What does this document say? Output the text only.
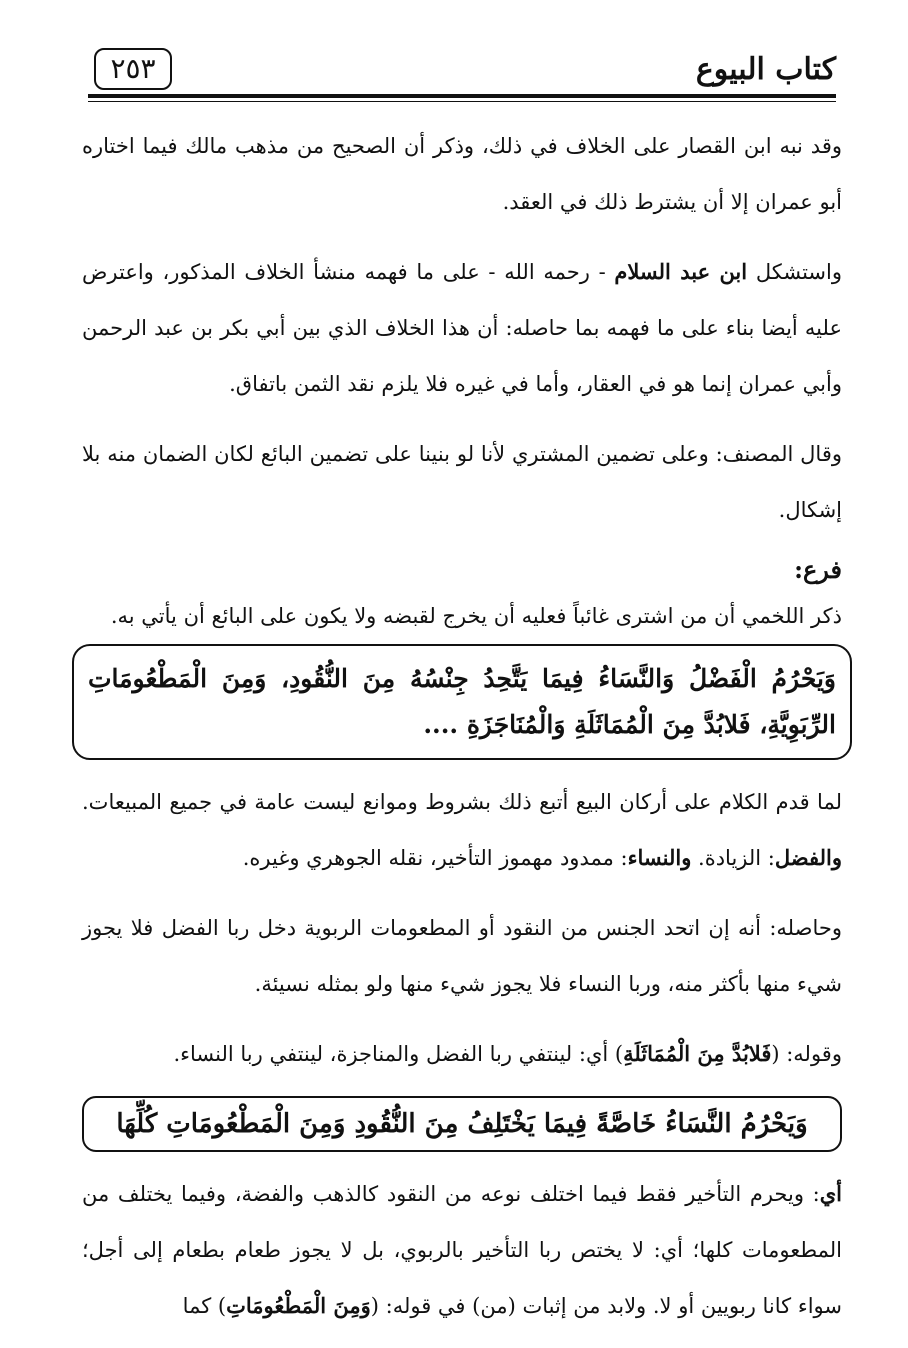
٢٥٣	كتاب البيوع

وقد نبه ابن القصار على الخلاف في ذلك، وذكر أن الصحيح من مذهب مالك فيما اختاره أبو عمران إلا أن يشترط ذلك في العقد.

واستشكل ابن عبد السلام - رحمه الله - على ما فهمه منشأ الخلاف المذكور، واعترض عليه أيضا بناء على ما فهمه بما حاصله: أن هذا الخلاف الذي بين أبي بكر بن عبد الرحمن وأبي عمران إنما هو في العقار، وأما في غيره فلا يلزم نقد الثمن باتفاق.

وقال المصنف: وعلى تضمين المشتري لأنا لو بنينا على تضمين البائع لكان الضمان منه بلا إشكال.

فرع:

ذكر اللخمي أن من اشترى غائباً فعليه أن يخرج لقبضه ولا يكون على البائع أن يأتي به.

وَيَحْرُمُ الْفَضْلُ وَالنَّسَاءُ فِيمَا يَتَّحِدُ جِنْسُهُ مِنَ النُّقُودِ، وَمِنَ الْمَطْعُومَاتِ الرِّبَوِيَّةِ، فَلابُدَّ مِنَ الْمُمَاثَلَةِ وَالْمُنَاجَزَةِ ....

لما قدم الكلام على أركان البيع أتبع ذلك بشروط وموانع ليست عامة في جميع المبيعات. والفضل: الزيادة. والنساء: ممدود مهموز التأخير، نقله الجوهري وغيره.

وحاصله: أنه إن اتحد الجنس من النقود أو المطعومات الربوية دخل ربا الفضل فلا يجوز شيء منها بأكثر منه، وربا النساء فلا يجوز شيء منها ولو بمثله نسيئة.

وقوله: (فَلابُدَّ مِنَ الْمُمَاثَلَةِ) أي: لينتفي ربا الفضل والمناجزة، لينتفي ربا النساء.

وَيَحْرُمُ النَّسَاءُ خَاصَّةً فِيمَا يَخْتَلِفُ مِنَ النُّقُودِ وَمِنَ الْمَطْعُومَاتِ كُلِّهَا

أي: ويحرم التأخير فقط فيما اختلف نوعه من النقود كالذهب والفضة، وفيما يختلف من المطعومات كلها؛ أي: لا يختص ربا التأخير بالربوي، بل لا يجوز طعام بطعام إلى أجل؛ سواء كانا ربويين أو لا. ولابد من إثبات (من) في قوله: (وَمِنَ الْمَطْعُومَاتِ) كما
